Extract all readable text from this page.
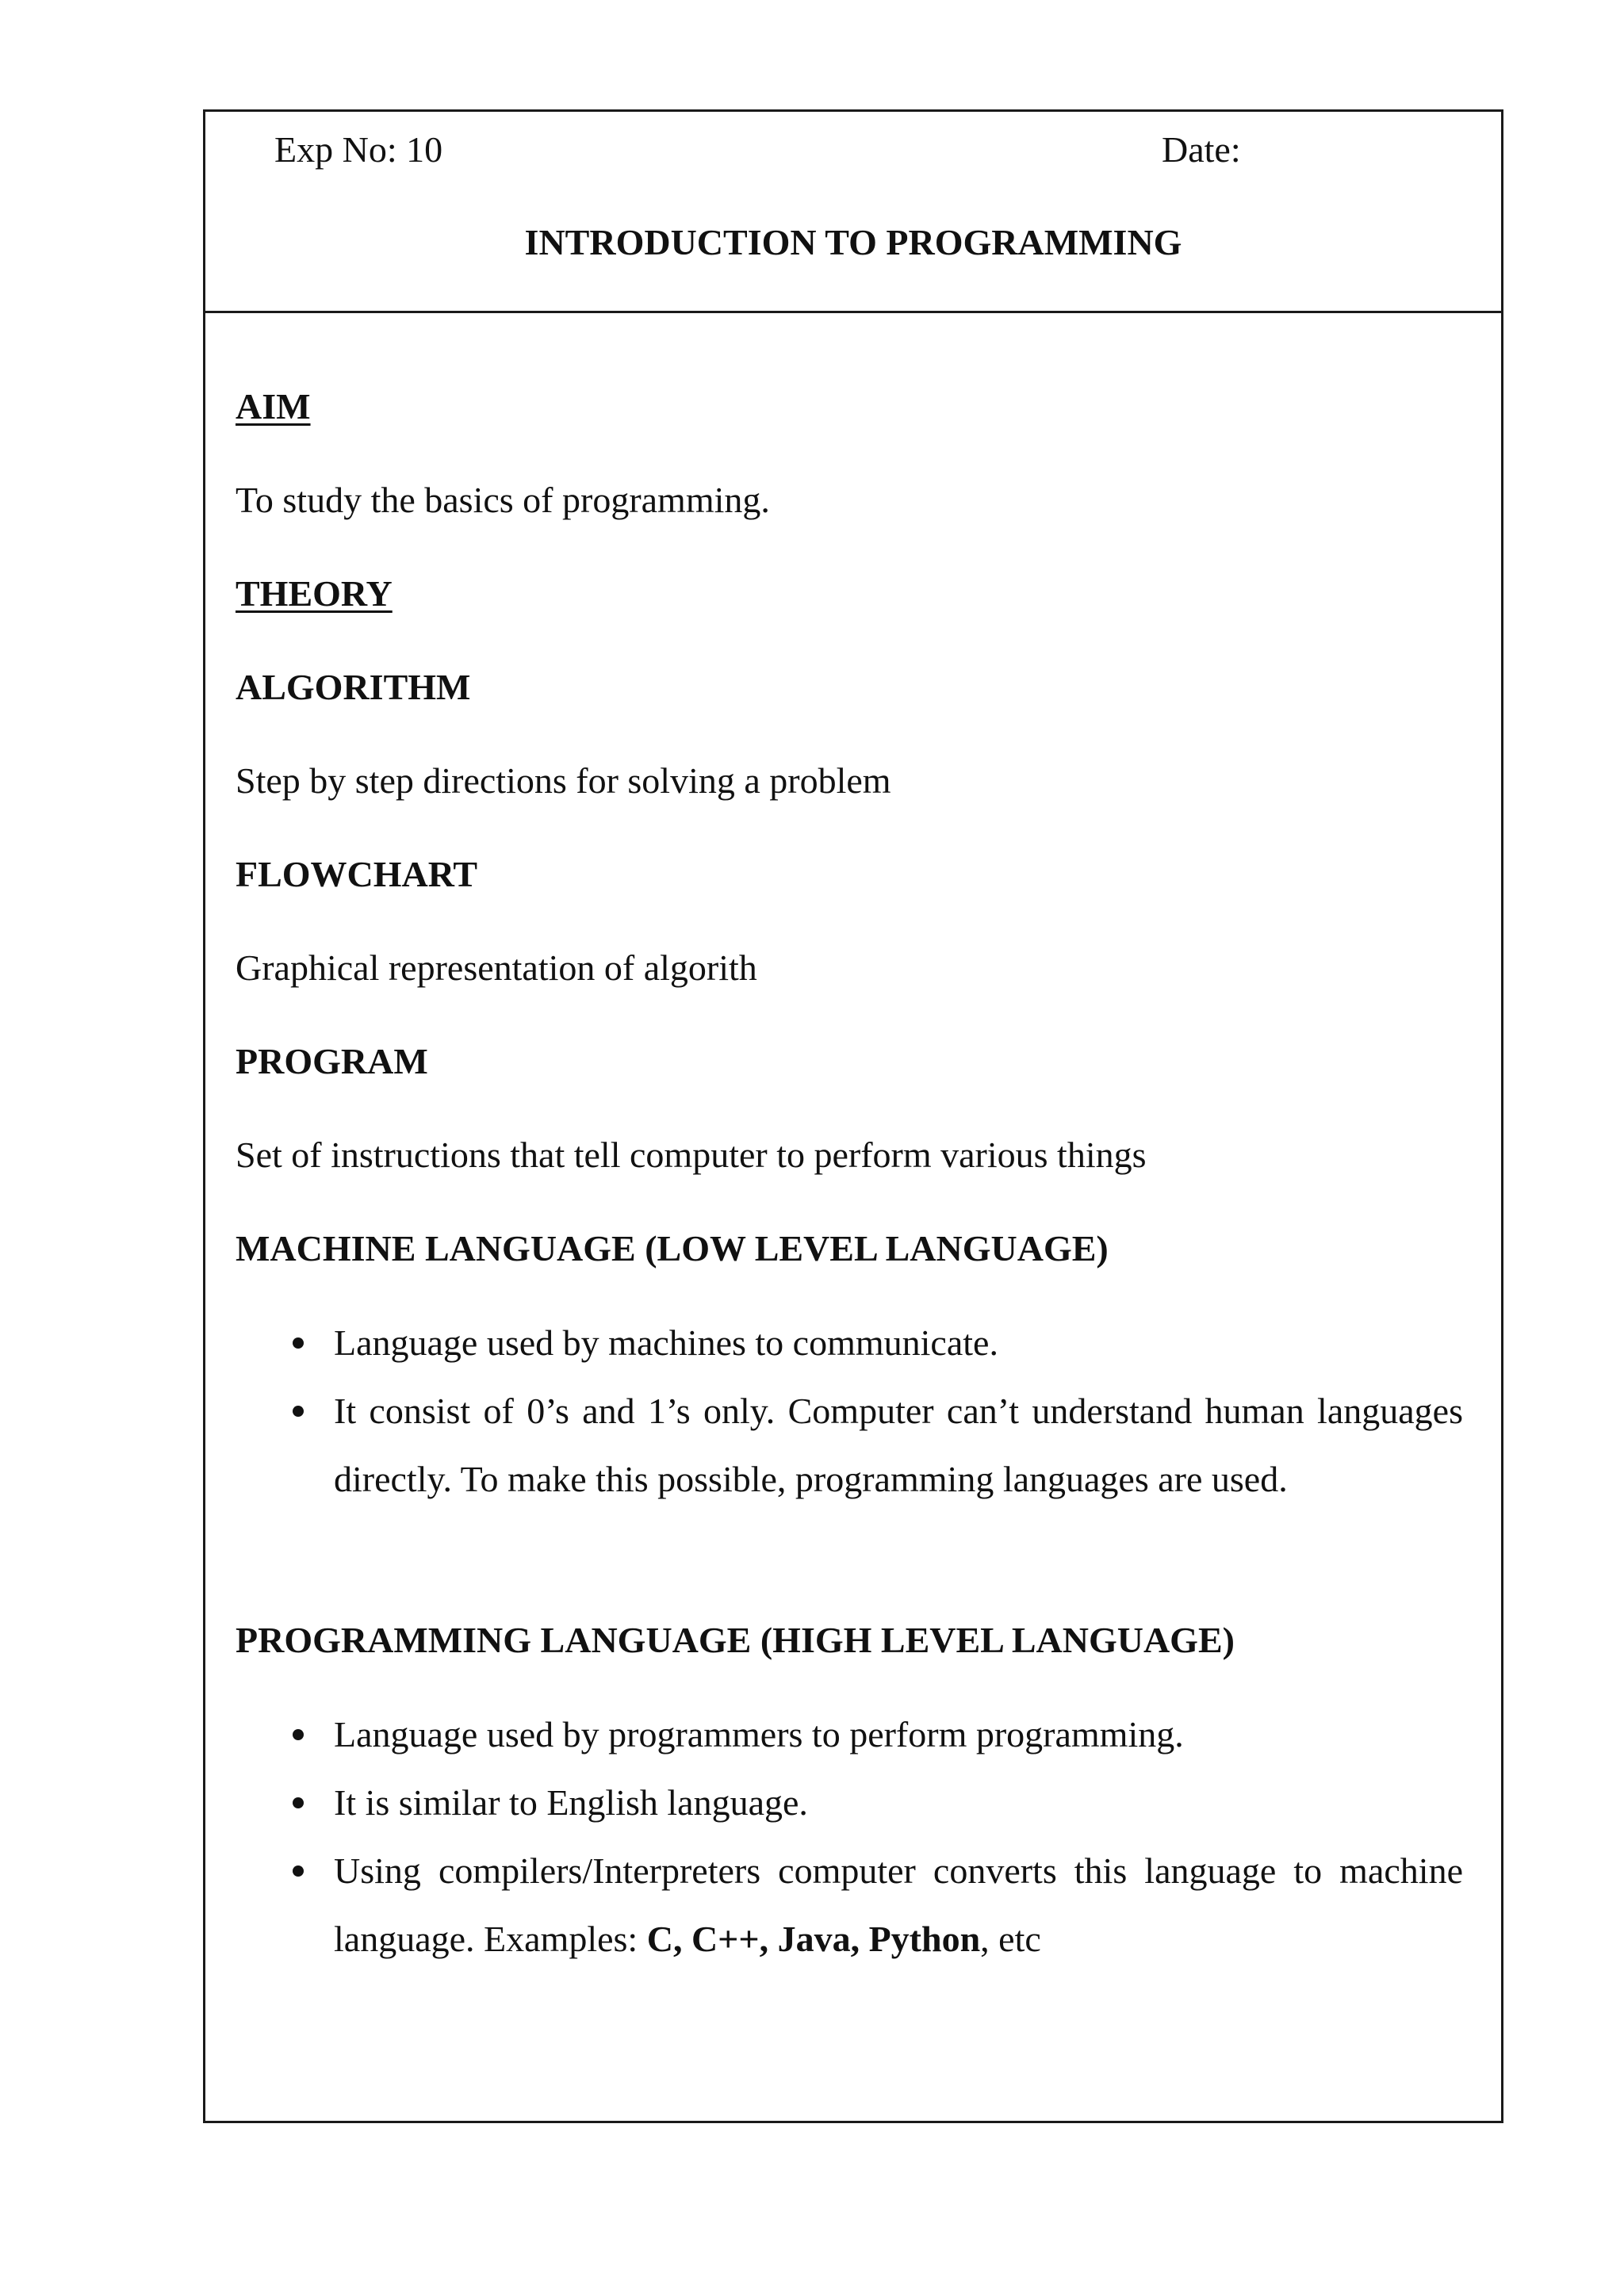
Exp No: 10	Date:
INTRODUCTION TO PROGRAMMING
AIM
To study the basics of programming.
THEORY
ALGORITHM
Step by step directions for solving a problem
FLOWCHART
Graphical representation of algorith
PROGRAM
Set of instructions that tell computer to perform various things
MACHINE LANGUAGE (LOW LEVEL LANGUAGE)
Language used by machines to communicate.
It consist of 0’s and 1’s only. Computer can’t understand human languages directly. To make this possible, programming languages are used.
PROGRAMMING LANGUAGE (HIGH LEVEL LANGUAGE)
Language used by programmers to perform programming.
It is similar to English language.
Using compilers/Interpreters computer converts this language to machine language. Examples: C, C++, Java, Python, etc
